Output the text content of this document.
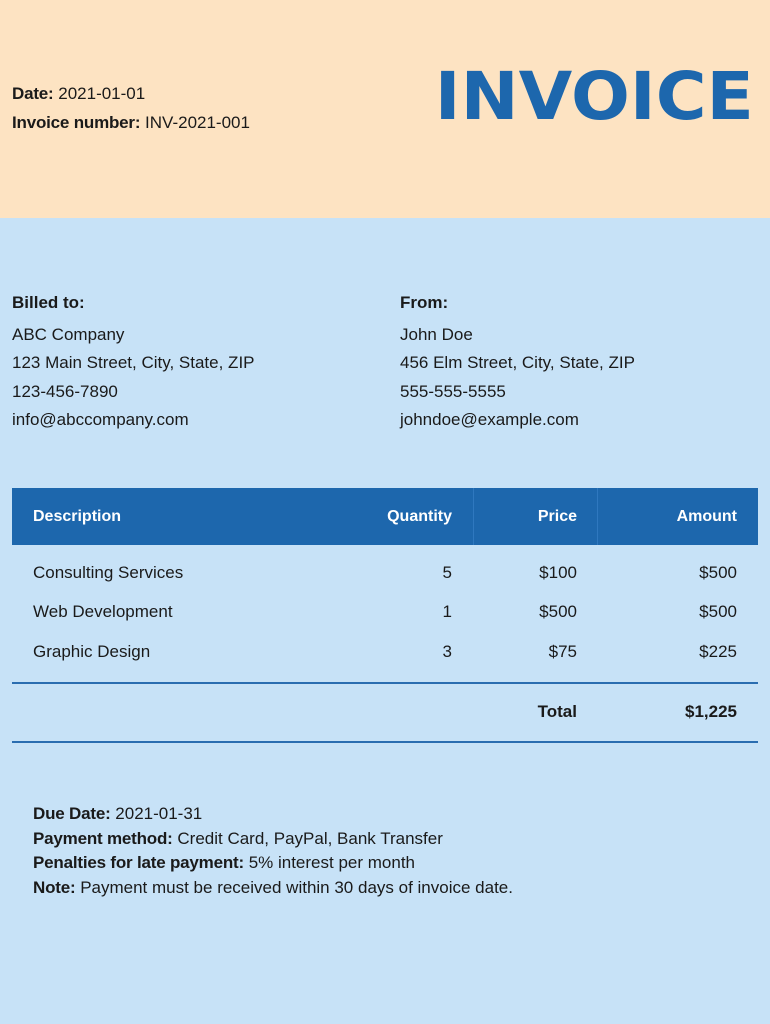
Date: 2021-01-01
Invoice number: INV-2021-001	INVOICE
Billed to:
ABC Company
123 Main Street, City, State, ZIP
123-456-7890
info@abccompany.com
From:
John Doe
456 Elm Street, City, State, ZIP
555-555-5555
johndoe@example.com
Description	Quantity	Price	Amount
Consulting Services	5	$100	$500
Web Development	1	$500	$500
Graphic Design	3	$75	$225
Total	$1,225
Due Date: 2021-01-31
Payment method: Credit Card, PayPal, Bank Transfer
Penalties for late payment: 5% interest per month
Note: Payment must be received within 30 days of invoice date.
